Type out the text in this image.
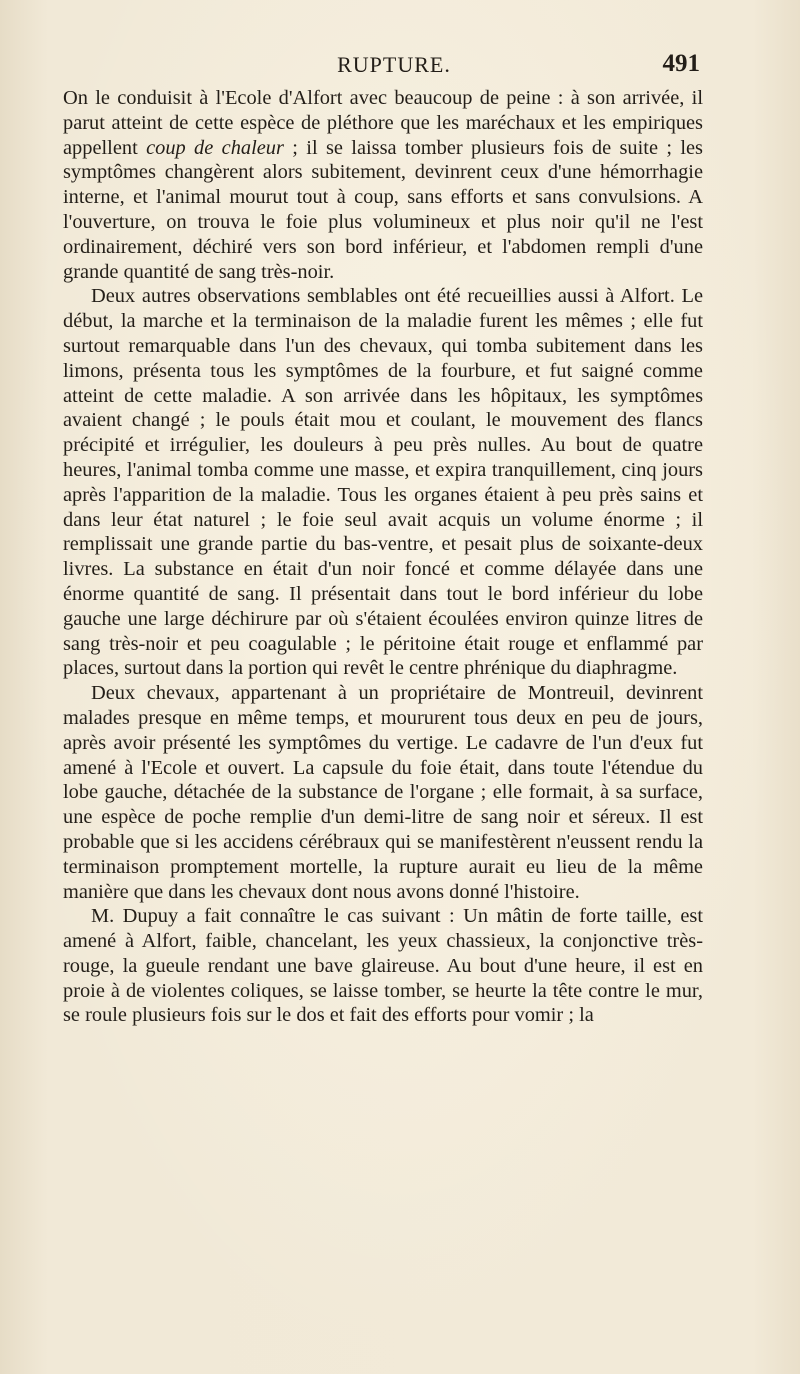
RUPTURE.	491

On le conduisit à l'Ecole d'Alfort avec beaucoup de peine : à son arrivée, il parut atteint de cette espèce de pléthore que les maréchaux et les empiriques appellent coup de chaleur ; il se laissa tomber plusieurs fois de suite ; les symptômes changèrent alors subitement, devinrent ceux d'une hémorrhagie interne, et l'animal mourut tout à coup, sans efforts et sans convulsions. A l'ouverture, on trouva le foie plus volumineux et plus noir qu'il ne l'est ordinairement, déchiré vers son bord inférieur, et l'abdomen rempli d'une grande quantité de sang très-noir.

Deux autres observations semblables ont été recueillies aussi à Alfort. Le début, la marche et la terminaison de la maladie furent les mêmes ; elle fut surtout remarquable dans l'un des chevaux, qui tomba subitement dans les limons, présenta tous les symptômes de la fourbure, et fut saigné comme atteint de cette maladie. A son arrivée dans les hôpitaux, les symptômes avaient changé ; le pouls était mou et coulant, le mouvement des flancs précipité et irrégulier, les douleurs à peu près nulles. Au bout de quatre heures, l'animal tomba comme une masse, et expira tranquillement, cinq jours après l'apparition de la maladie. Tous les organes étaient à peu près sains et dans leur état naturel ; le foie seul avait acquis un volume énorme ; il remplissait une grande partie du bas-ventre, et pesait plus de soixante-deux livres. La substance en était d'un noir foncé et comme délayée dans une énorme quantité de sang. Il présentait dans tout le bord inférieur du lobe gauche une large déchirure par où s'étaient écoulées environ quinze litres de sang très-noir et peu coagulable ; le péritoine était rouge et enflammé par places, surtout dans la portion qui revêt le centre phrénique du diaphragme.

Deux chevaux, appartenant à un propriétaire de Montreuil, devinrent malades presque en même temps, et moururent tous deux en peu de jours, après avoir présenté les symptômes du vertige. Le cadavre de l'un d'eux fut amené à l'Ecole et ouvert. La capsule du foie était, dans toute l'étendue du lobe gauche, détachée de la substance de l'organe ; elle formait, à sa surface, une espèce de poche remplie d'un demi-litre de sang noir et séreux. Il est probable que si les accidens cérébraux qui se manifestèrent n'eussent rendu la terminaison promptement mortelle, la rupture aurait eu lieu de la même manière que dans les chevaux dont nous avons donné l'histoire.

M. Dupuy a fait connaître le cas suivant : Un mâtin de forte taille, est amené à Alfort, faible, chancelant, les yeux chassieux, la conjonctive très-rouge, la gueule rendant une bave glaireuse. Au bout d'une heure, il est en proie à de violentes coliques, se laisse tomber, se heurte la tête contre le mur, se roule plusieurs fois sur le dos et fait des efforts pour vomir ; la
